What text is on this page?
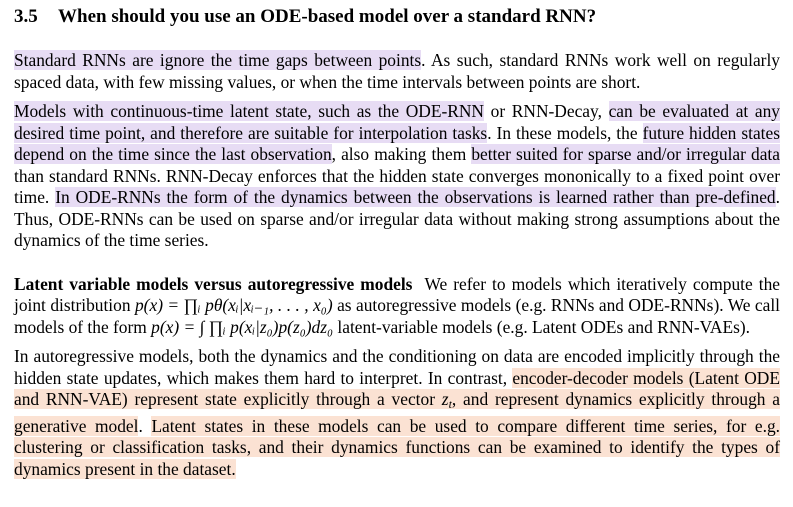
3.5 When should you use an ODE-based model over a standard RNN?

Standard RNNs are ignore the time gaps between points. As such, standard RNNs work well on regularly spaced data, with few missing values, or when the time intervals between points are short.

Models with continuous-time latent state, such as the ODE-RNN or RNN-Decay, can be evaluated at any desired time point, and therefore are suitable for interpolation tasks. In these models, the future hidden states depend on the time since the last observation, also making them better suited for sparse and/or irregular data than standard RNNs. RNN-Decay enforces that the hidden state converges mononically to a fixed point over time. In ODE-RNNs the form of the dynamics between the observations is learned rather than pre-defined. Thus, ODE-RNNs can be used on sparse and/or irregular data without making strong assumptions about the dynamics of the time series.

Latent variable models versus autoregressive models We refer to models which iteratively compute the joint distribution p(x) = ∏ᵢ pθ(xᵢ|xᵢ₋₁, . . . , x₀) as autoregressive models (e.g. RNNs and ODE-RNNs). We call models of the form p(x) = ∫ ∏ᵢ p(xᵢ|z₀)p(z₀)dz₀ latent-variable models (e.g. Latent ODEs and RNN-VAEs).

In autoregressive models, both the dynamics and the conditioning on data are encoded implicitly through the hidden state updates, which makes them hard to interpret. In contrast, encoder-decoder models (Latent ODE and RNN-VAE) represent state explicitly through a vector $z_t$, and represent dynamics explicitly through a generative model. Latent states in these models can be used to compare different time series, for e.g. clustering or classification tasks, and their dynamics functions can be examined to identify the types of dynamics present in the dataset.
